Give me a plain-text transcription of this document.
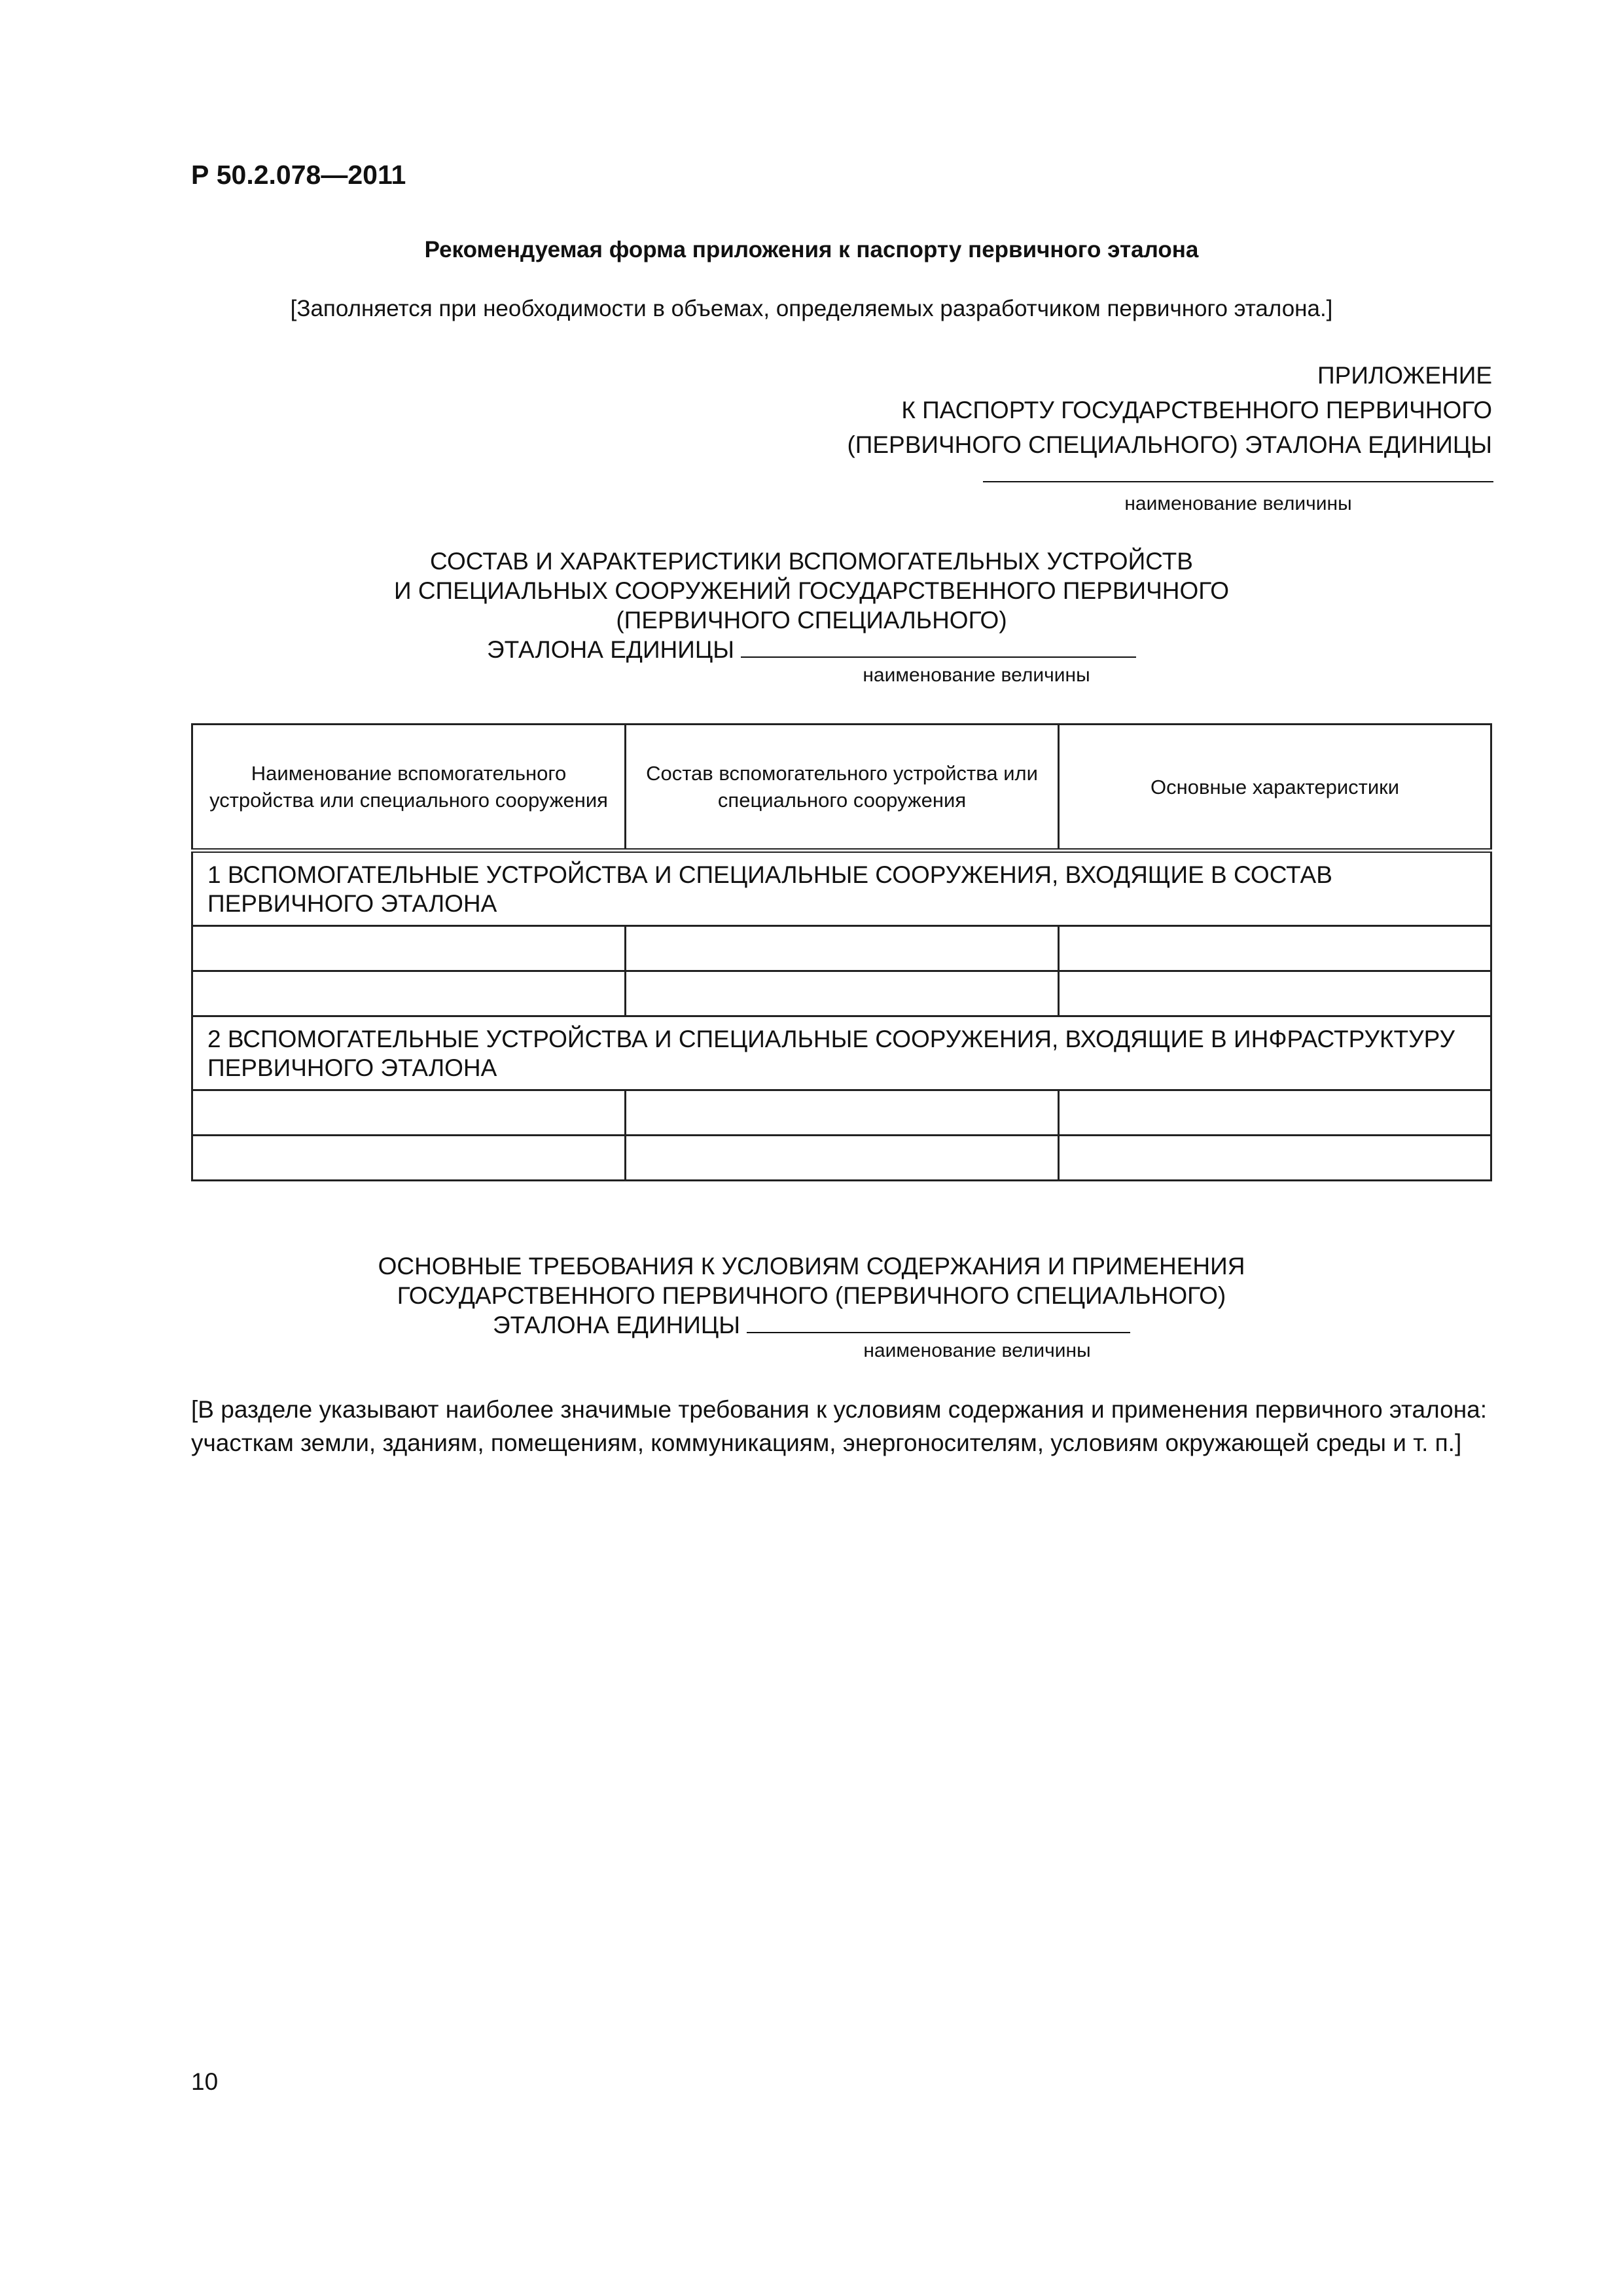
Р 50.2.078—2011
Рекомендуемая форма приложения к паспорту первичного эталона
[Заполняется при необходимости в объемах, определяемых разработчиком первичного эталона.]
ПРИЛОЖЕНИЕ
К ПАСПОРТУ ГОСУДАРСТВЕННОГО ПЕРВИЧНОГО
(ПЕРВИЧНОГО СПЕЦИАЛЬНОГО) ЭТАЛОНА ЕДИНИЦЫ
наименование величины
СОСТАВ И ХАРАКТЕРИСТИКИ ВСПОМОГАТЕЛЬНЫХ УСТРОЙСТВ
И СПЕЦИАЛЬНЫХ СООРУЖЕНИЙ ГОСУДАРСТВЕННОГО ПЕРВИЧНОГО
(ПЕРВИЧНОГО СПЕЦИАЛЬНОГО)
ЭТАЛОНА ЕДИНИЦЫ
наименование величины
Наименование вспомогательного устройства или специального сооружения	Состав вспомогательного устройства или специального сооружения	Основные характеристики
1 ВСПОМОГАТЕЛЬНЫЕ УСТРОЙСТВА И СПЕЦИАЛЬНЫЕ СООРУЖЕНИЯ, ВХОДЯЩИЕ В СОСТАВ ПЕРВИЧНОГО ЭТАЛОНА		

2 ВСПОМОГАТЕЛЬНЫЕ УСТРОЙСТВА И СПЕЦИАЛЬНЫЕ СООРУЖЕНИЯ, ВХОДЯЩИЕ В ИНФРАСТРУКТУРУ ПЕРВИЧНОГО ЭТАЛОНА		

ОСНОВНЫЕ ТРЕБОВАНИЯ К УСЛОВИЯМ СОДЕРЖАНИЯ И ПРИМЕНЕНИЯ
ГОСУДАРСТВЕННОГО ПЕРВИЧНОГО (ПЕРВИЧНОГО СПЕЦИАЛЬНОГО)
ЭТАЛОНА ЕДИНИЦЫ
наименование величины
[В разделе указывают наиболее значимые требования к условиям содержания и применения первичного эталона: участкам земли, зданиям, помещениям, коммуникациям, энергоносителям, условиям окружающей среды и т. п.]
10
